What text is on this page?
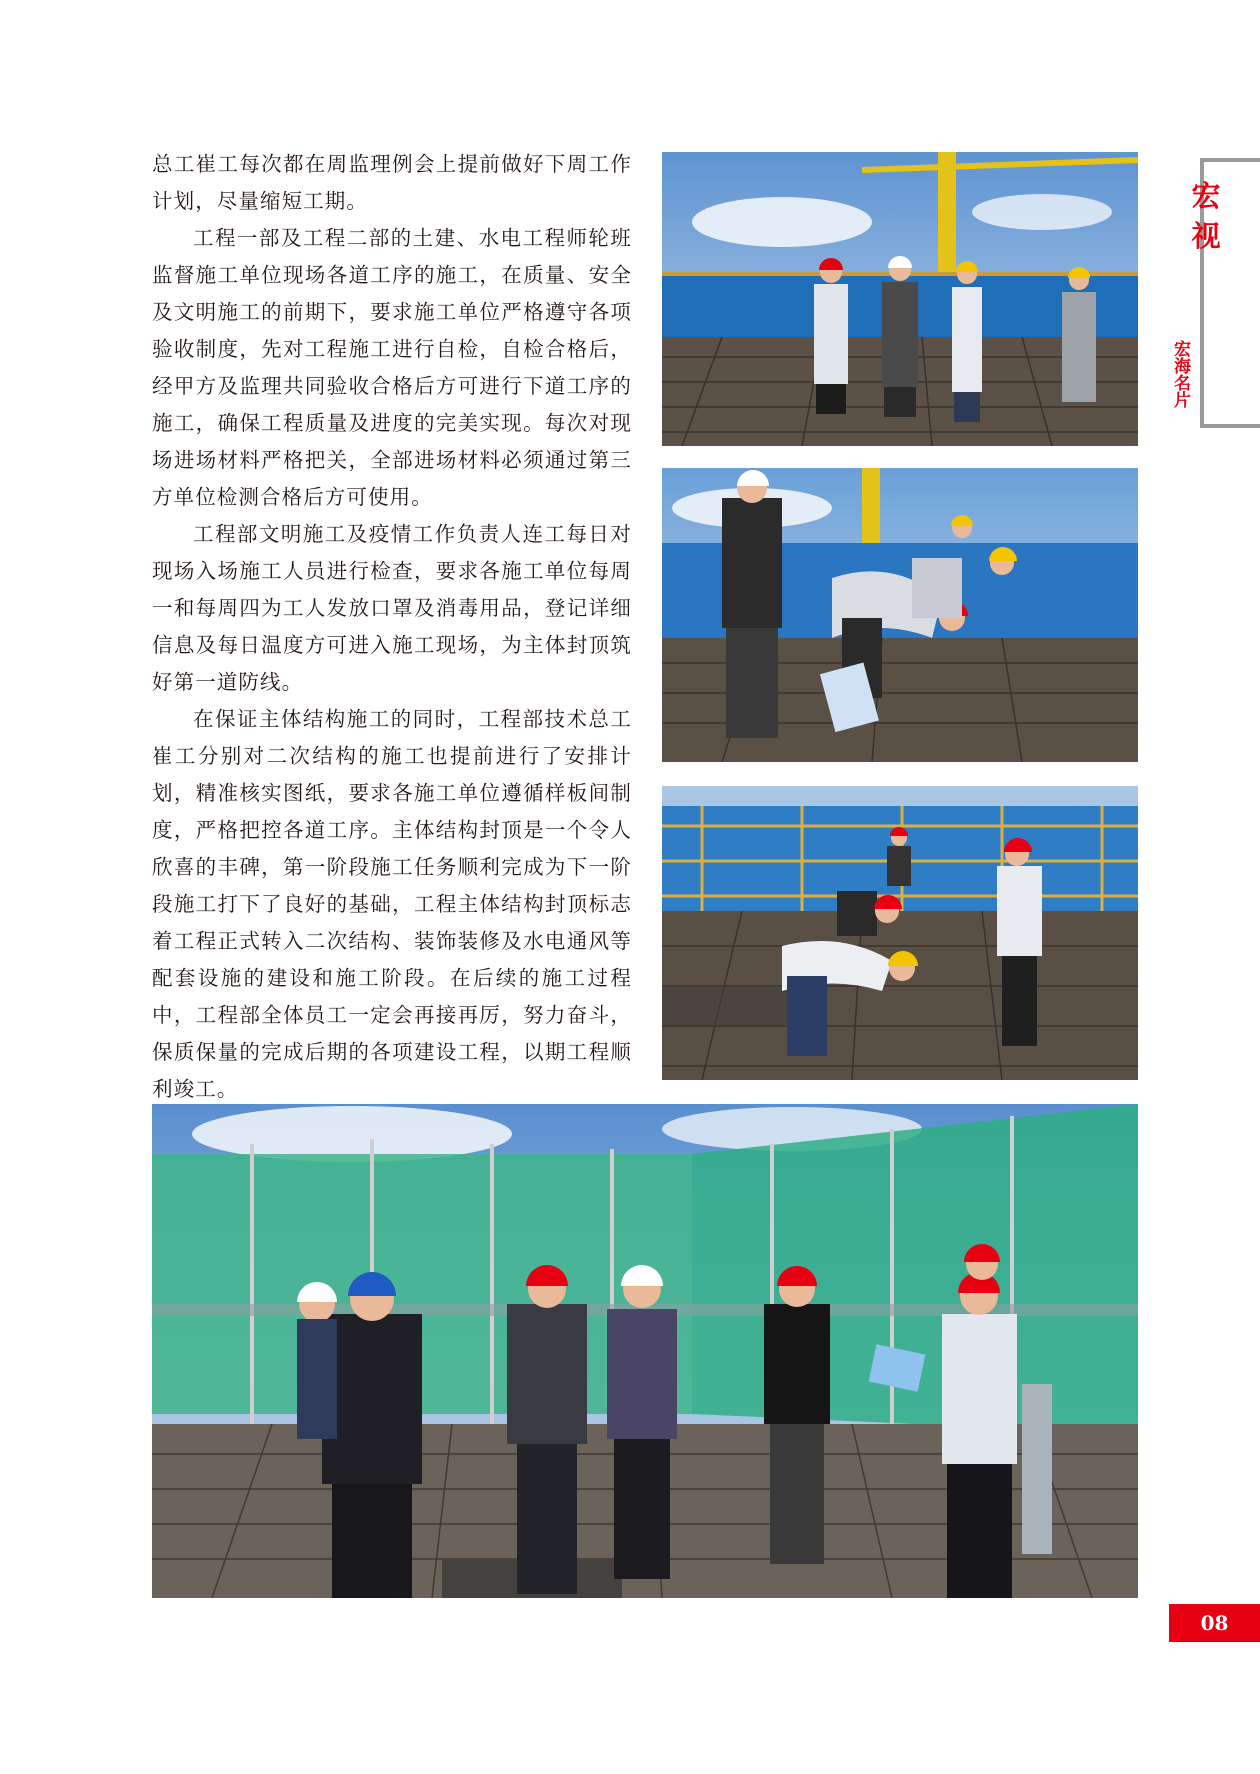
总工崔工每次都在周监理例会上提前做好下周工作计划，尽量缩短工期。

工程一部及工程二部的土建、水电工程师轮班监督施工单位现场各道工序的施工，在质量、安全及文明施工的前期下，要求施工单位严格遵守各项验收制度，先对工程施工进行自检，自检合格后，经甲方及监理共同验收合格后方可进行下道工序的施工，确保工程质量及进度的完美实现。每次对现场进场材料严格把关，全部进场材料必须通过第三方单位检测合格后方可使用。

工程部文明施工及疫情工作负责人连工每日对现场入场施工人员进行检查，要求各施工单位每周一和每周四为工人发放口罩及消毒用品，登记详细信息及每日温度方可进入施工现场，为主体封顶筑好第一道防线。

在保证主体结构施工的同时，工程部技术总工崔工分别对二次结构的施工也提前进行了安排计划，精准核实图纸，要求各施工单位遵循样板间制度，严格把控各道工序。主体结构封顶是一个令人欣喜的丰碑，第一阶段施工任务顺利完成为下一阶段施工打下了良好的基础，工程主体结构封顶标志着工程正式转入二次结构、装饰装修及水电通风等配套设施的建设和施工阶段。在后续的施工过程中，工程部全体员工一定会再接再厉，努力奋斗，保质保量的完成后期的各项建设工程，以期工程顺利竣工。

宏
视
宏海名片
08
